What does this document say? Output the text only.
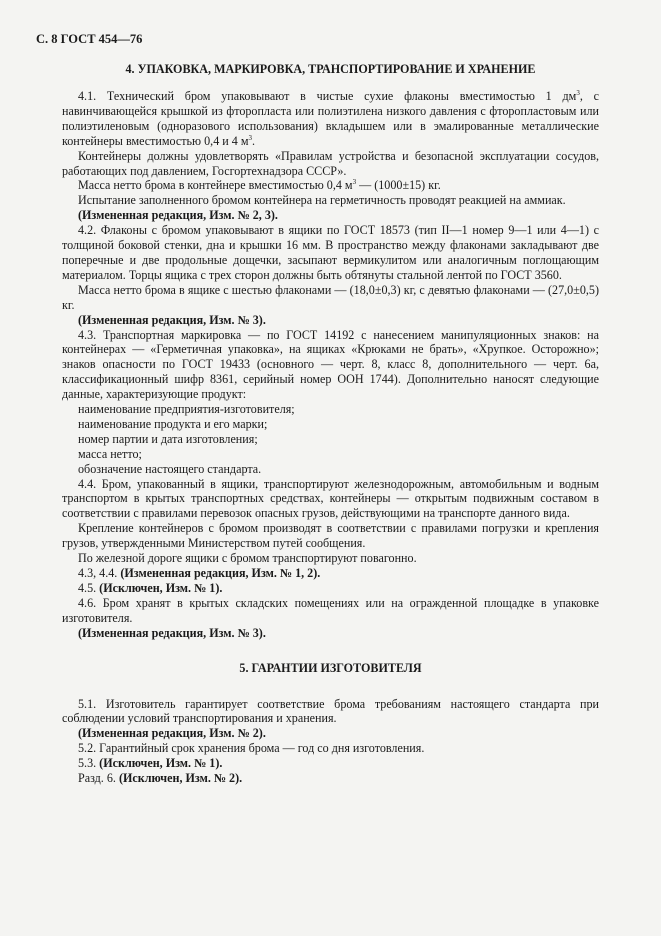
С. 8 ГОСТ 454—76
4. УПАКОВКА, МАРКИРОВКА, ТРАНСПОРТИРОВАНИЕ И ХРАНЕНИЕ

4.1. Технический бром упаковывают в чистые сухие флаконы вместимостью 1 $дм^3$, с навинчивающейся крышкой из фторопласта или полиэтилена низкого давления с фторопластовым или полиэтиленовым (одноразового использования) вкладышем или в эмалированные металлические контейнеры вместимостью 0,4 и 4 $м^3$.

Контейнеры должны удовлетворять «Правилам устройства и безопасной эксплуатации сосудов, работающих под давлением, Госгортехнадзора СССР».

Масса нетто брома в контейнере вместимостью 0,4 $м^3$ — (1000±15) кг.

Испытание заполненного бромом контейнера на герметичность проводят реакцией на аммиак.

(Измененная редакция, Изм. № 2, 3).

4.2. Флаконы с бромом упаковывают в ящики по ГОСТ 18573 (тип II—1 номер 9—1 или 4—1) с толщиной боковой стенки, дна и крышки 16 мм. В пространство между флаконами закладывают две поперечные и две продольные дощечки, засыпают вермикулитом или аналогичным поглощающим материалом. Торцы ящика с трех сторон должны быть обтянуты стальной лентой по ГОСТ 3560.

Масса нетто брома в ящике с шестью флаконами — (18,0±0,3) кг, с девятью флаконами — (27,0±0,5) кг.

(Измененная редакция, Изм. № 3).

4.3. Транспортная маркировка — по ГОСТ 14192 с нанесением манипуляционных знаков: на контейнерах — «Герметичная упаковка», на ящиках «Крюками не брать», «Хрупкое. Осторожно»; знаков опасности по ГОСТ 19433 (основного — черт. 8, класс 8, дополнительного — черт. 6а, классификационный шифр 8361, серийный номер ООН 1744). Дополнительно наносят следующие данные, характеризующие продукт:

наименование предприятия-изготовителя;

наименование продукта и его марки;

номер партии и дата изготовления;

масса нетто;

обозначение настоящего стандарта.

4.4. Бром, упакованный в ящики, транспортируют железнодорожным, автомобильным и водным транспортом в крытых транспортных средствах, контейнеры — открытым подвижным составом в соответствии с правилами перевозок опасных грузов, действующими на транспорте данного вида.

Крепление контейнеров с бромом производят в соответствии с правилами погрузки и крепления грузов, утвержденными Министерством путей сообщения.

По железной дороге ящики с бромом транспортируют повагонно.

4.3, 4.4. (Измененная редакция, Изм. № 1, 2).

4.5. (Исключен, Изм. № 1).

4.6. Бром хранят в крытых складских помещениях или на огражденной площадке в упаковке изготовителя.

(Измененная редакция, Изм. № 3).

5. ГАРАНТИИ ИЗГОТОВИТЕЛЯ

5.1. Изготовитель гарантирует соответствие брома требованиям настоящего стандарта при соблюдении условий транспортирования и хранения.

(Измененная редакция, Изм. № 2).

5.2. Гарантийный срок хранения брома — год со дня изготовления.

5.3. (Исключен, Изм. № 1).

Разд. 6. (Исключен, Изм. № 2).
